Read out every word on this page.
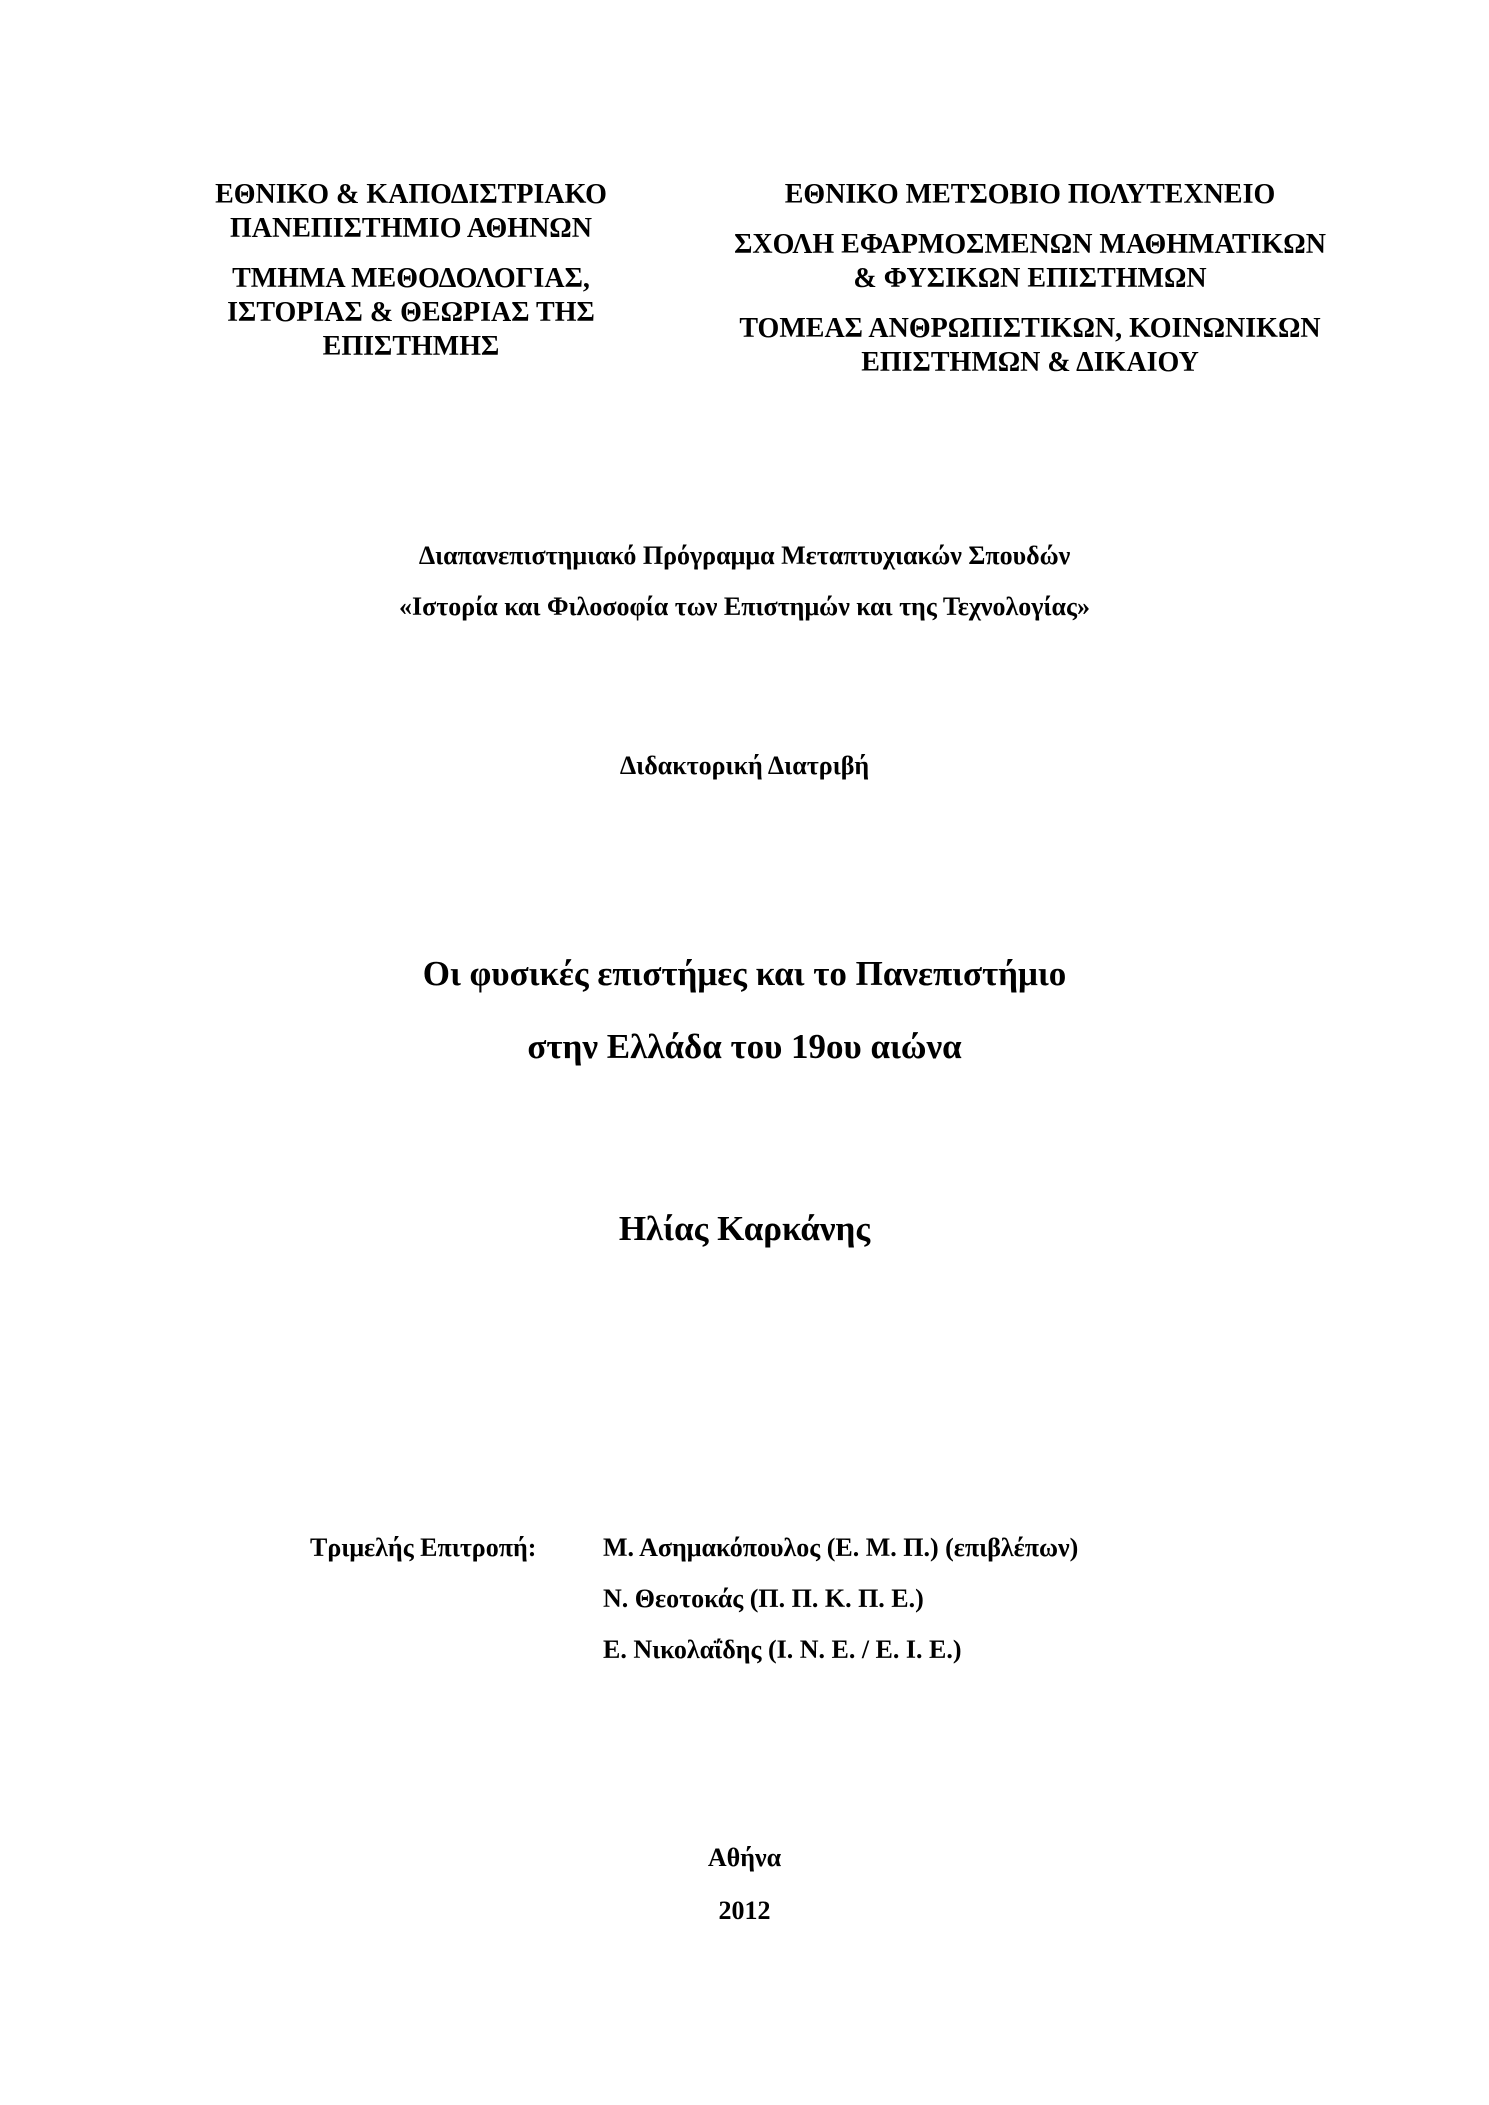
ΕΘΝΙΚΟ & ΚΑΠΟΔΙΣΤΡΙΑΚΟ
ΠΑΝΕΠΙΣΤΗΜΙΟ ΑΘΗΝΩΝ
ΤΜΗΜΑ ΜΕΘΟΔΟΛΟΓΙΑΣ,
ΙΣΤΟΡΙΑΣ & ΘΕΩΡΙΑΣ ΤΗΣ
ΕΠΙΣΤΗΜΗΣ
ΕΘΝΙΚΟ ΜΕΤΣΟΒΙΟ ΠΟΛΥΤΕΧΝΕΙΟ
ΣΧΟΛΗ ΕΦΑΡΜΟΣΜΕΝΩΝ ΜΑΘΗΜΑΤΙΚΩΝ
& ΦΥΣΙΚΩΝ ΕΠΙΣΤΗΜΩΝ
ΤΟΜΕΑΣ ΑΝΘΡΩΠΙΣΤΙΚΩΝ, ΚΟΙΝΩΝΙΚΩΝ
ΕΠΙΣΤΗΜΩΝ & ΔΙΚΑΙΟΥ
Διαπανεπιστημιακό Πρόγραμμα Μεταπτυχιακών Σπουδών
«Ιστορία και Φιλοσοφία των Επιστημών και της Τεχνολογίας»
Διδακτορική Διατριβή
Οι φυσικές επιστήμες και το Πανεπιστήμιο
στην Ελλάδα του 19ου αιώνα
Ηλίας Καρκάνης
Τριμελής Επιτροπή:	Μ. Ασημακόπουλος (Ε. Μ. Π.) (επιβλέπων)
Ν. Θεοτοκάς (Π. Π. Κ. Π. Ε.)
Ε. Νικολαΐδης (Ι. Ν. Ε. / Ε. Ι. Ε.)
Αθήνα
2012
